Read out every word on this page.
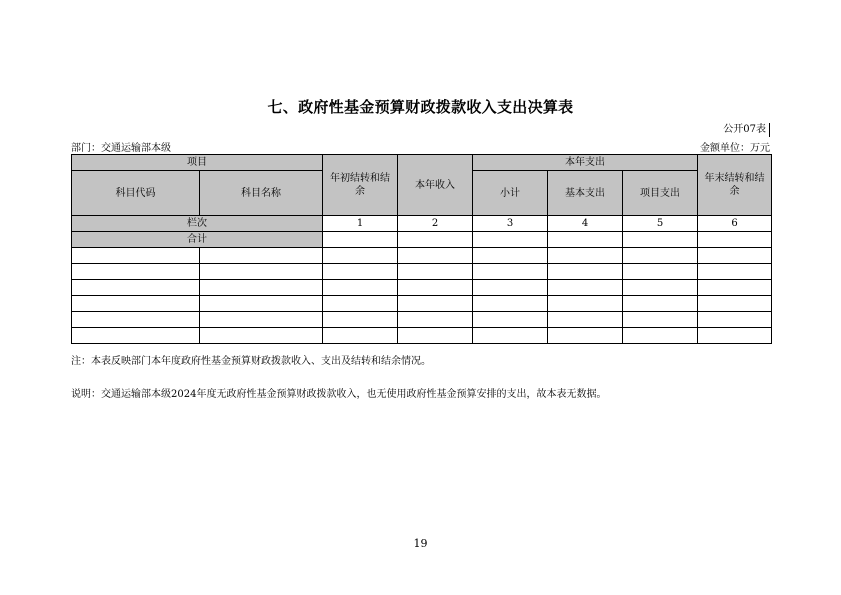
七、政府性基金预算财政拨款收入支出决算表
公开07表
部门：交通运输部本级	金额单位：万元
项目		年初结转和结余	本年收入	本年支出			年末结转和结余
科目代码	科目名称			小计	基本支出	项目支出	
栏次		1	2	3	4	5	6
合计							

注：本表反映部门本年度政府性基金预算财政拨款收入、支出及结转和结余情况。
说明：交通运输部本级2024年度无政府性基金预算财政拨款收入，也无使用政府性基金预算安排的支出，故本表无数据。
19
